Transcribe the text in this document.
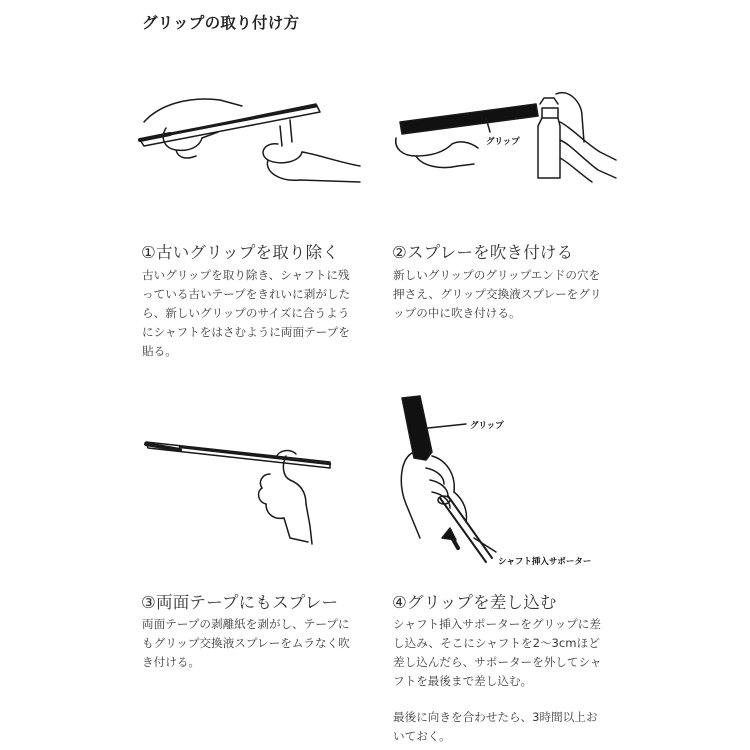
グリップの取り付け方
グリップ
①古いグリップを取り除く
古いグリップを取り除き、シャフトに残
っている古いテープをきれいに剥がした
ら、新しいグリップのサイズに合うよう
にシャフトをはさむように両面テープを
貼る。
②スプレーを吹き付ける
新しいグリップのグリップエンドの穴を
押さえ、グリップ交換液スプレーをグリ
ップの中に吹き付ける。
グリップ
シャフト挿入サポーター
③両面テープにもスプレー
両面テープの剥離紙を剥がし、テープに
もグリップ交換液スプレーをムラなく吹
き付ける。
④グリップを差し込む
シャフト挿入サポーターをグリップに差
し込み、そこにシャフトを2〜3cmほど
差し込んだら、サポーターを外してシャ
フトを最後まで差し込む。
最後に向きを合わせたら、3時間以上お
いておく。
